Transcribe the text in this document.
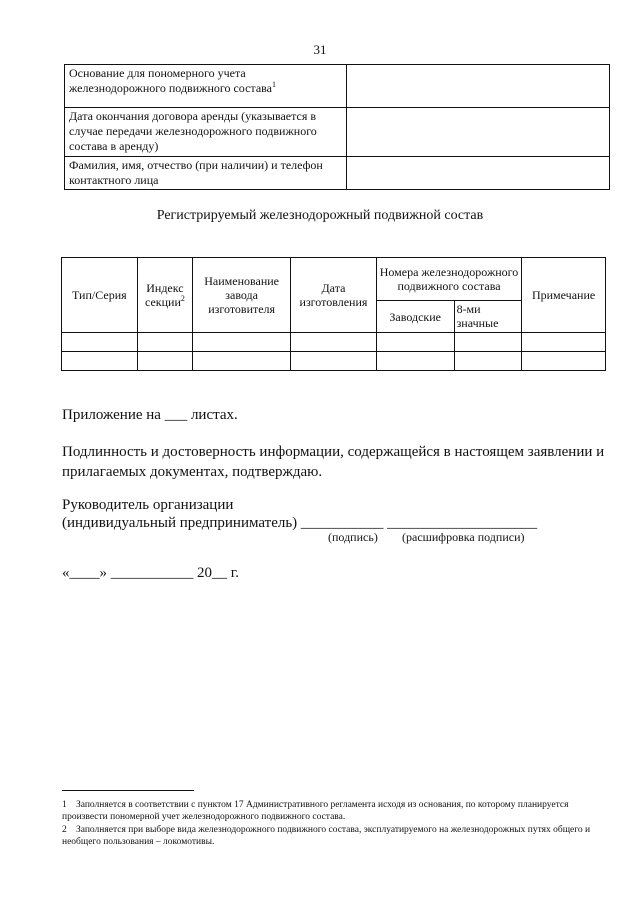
31
Основание для пономерного учета железнодорожного подвижного состава$^1$	
Дата окончания договора аренды (указывается в случае передачи железнодорожного подвижного состава в аренду)	
Фамилия, имя, отчество (при наличии) и телефон контактного лица	
Регистрируемый железнодорожный подвижной состав
Тип/Серия	Индекс секции$^2$	Наименование завода изготовителя	Дата изготовления	Номера железнодорожного подвижного состава		Примечание
				Заводские	8-ми значные	

Приложение на ___ листах.
Подлинность и достоверность информации, содержащейся в настоящем заявлении и прилагаемых документах, подтверждаю.
Руководитель организации
(индивидуальный предприниматель) ___________ ____________________
(подпись) (расшифровка подписи)
«____» ___________ 20__ г.
1 Заполняется в соответствии с пунктом 17 Административного регламента исходя из основания, по которому планируется произвести пономерной учет железнодорожного подвижного состава.
2 Заполняется при выборе вида железнодорожного подвижного состава, эксплуатируемого на железнодорожных путях общего и необщего пользования – локомотивы.
